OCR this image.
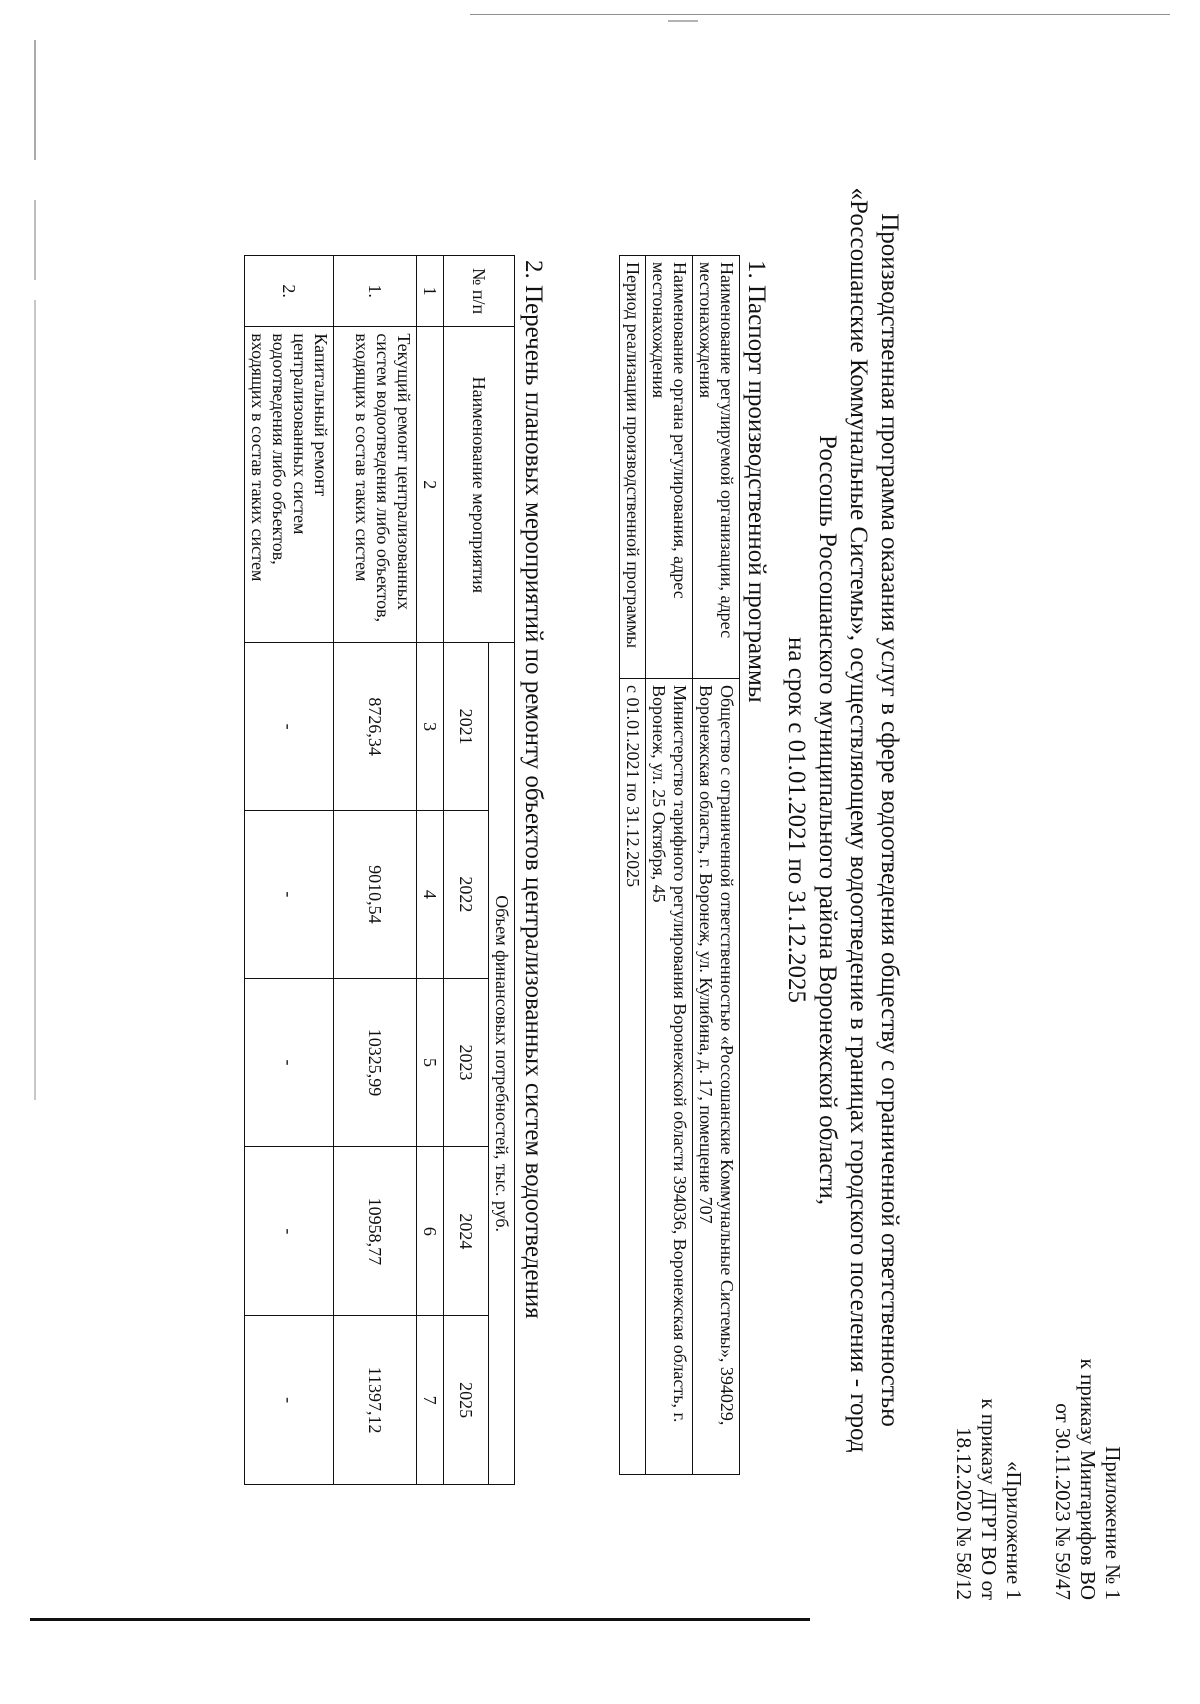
Приложение № 1
к приказу Минтарифов ВО
от 30.11.2023 № 59/47
«Приложение 1
к приказу ДГРТ ВО от
18.12.2020 № 58/12
Производственная программа оказания услуг в сфере водоотведения обществу с ограниченной ответственностью
«Россошанские Коммунальные Системы», осуществляющему водоотведение в границах городского поселения - город
Россошь Россошанского муниципального района Воронежской области,
на срок с 01.01.2021 по 31.12.2025
1. Паспорт производственной программы
Наименование регулируемой организации, адрес местонахождения	Общество с ограниченной ответственностью «Россошанские Коммунальные Системы», 394029, Воронежская область, г. Воронеж, ул. Кулибина, д. 17, помещение 707
Наименование органа регулирования, адрес местонахождения	Министерство тарифного регулирования Воронежской области 394036, Воронежская область, г. Воронеж, ул. 25 Октября, 45
Период реализации производственной программы	с 01.01.2021 по 31.12.2025
2. Перечень плановых мероприятий по ремонту объектов централизованных систем водоотведения
№ п/п	Наименование мероприятия	Объем финансовых потребностей, тыс. руб.				
		2021	2022	2023	2024	2025
1	2	3	4	5	6	7
1.	Текущий ремонт централизованных систем водоотведения либо объектов, входящих в состав таких систем	8726,34	9010,54	10325,99	10958,77	11397,12
2.	Капитальный ремонт централизованных систем водоотведения либо объектов, входящих в состав таких систем	-	-	-	-	-
